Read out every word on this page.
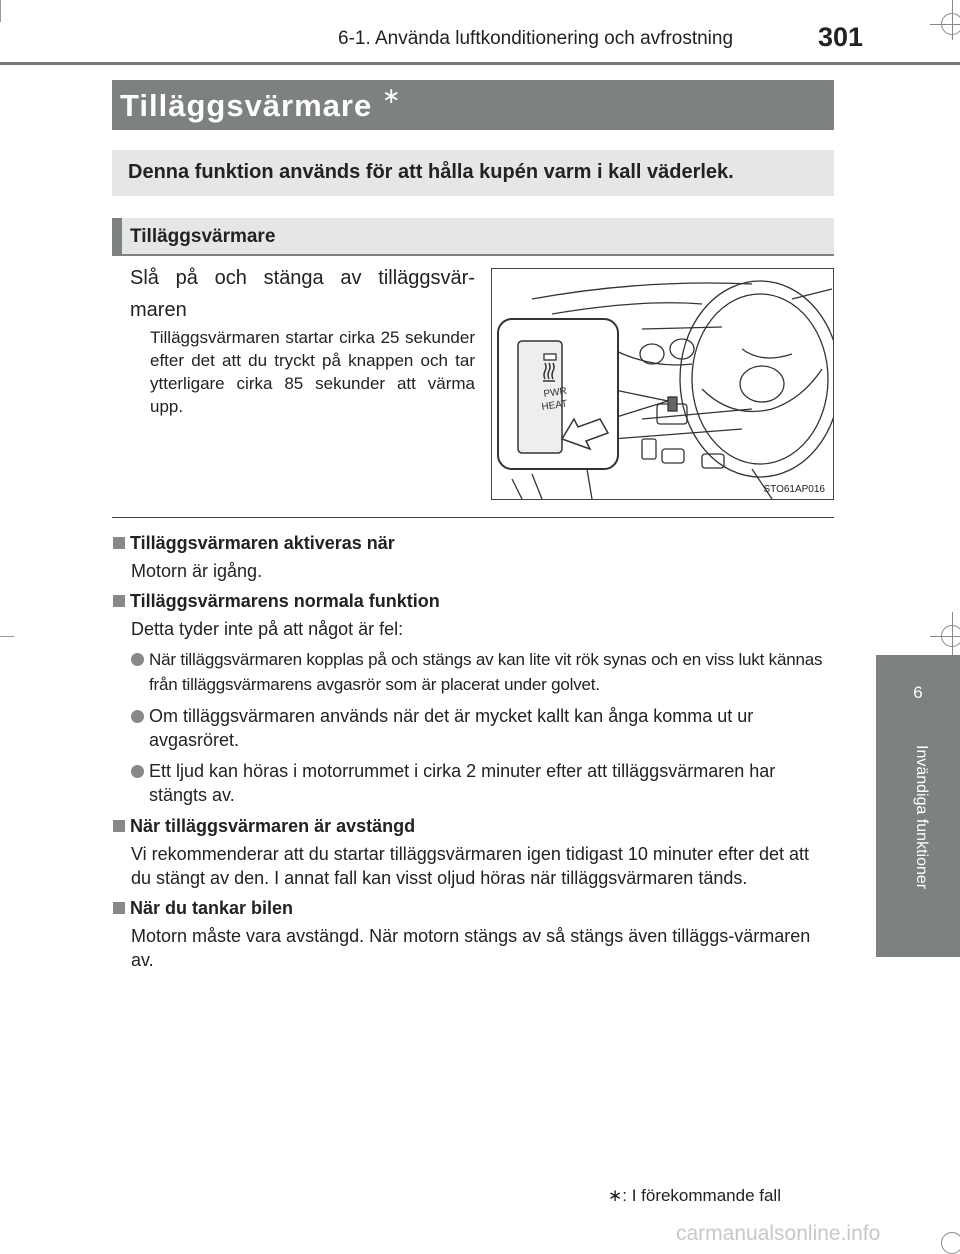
6-1. Använda luftkonditionering och avfrostning	301
Tilläggsvärmare ∗
Denna funktion används för att hålla kupén varm i kall väderlek.
Tilläggsvärmare
Slå på och stänga av tilläggsvär-maren
Tilläggsvärmaren startar cirka 25 sekunder efter det att du tryckt på knappen och tar ytterligare cirka 85 sekunder att värma upp.
PWR
HEAT
STO61AP016
Tilläggsvärmaren aktiveras när
Motorn är igång.
Tilläggsvärmarens normala funktion
Detta tyder inte på att något är fel:
När tilläggsvärmaren kopplas på och stängs av kan lite vit rök synas och en viss lukt kännas från tilläggsvärmarens avgasrör som är placerat under golvet.
Om tilläggsvärmaren används när det är mycket kallt kan ånga komma ut ur avgasröret.
Ett ljud kan höras i motorrummet i cirka 2 minuter efter att tilläggsvärmaren har stängts av.
När tilläggsvärmaren är avstängd
Vi rekommenderar att du startar tilläggsvärmaren igen tidigast 10 minuter efter det att du stängt av den. I annat fall kan visst oljud höras när tilläggsvärmaren tänds.
När du tankar bilen
Motorn måste vara avstängd. När motorn stängs av så stängs även tilläggs-värmaren av.
6
Invändiga funktioner
∗: I förekommande fall
carmanualsonline.info
